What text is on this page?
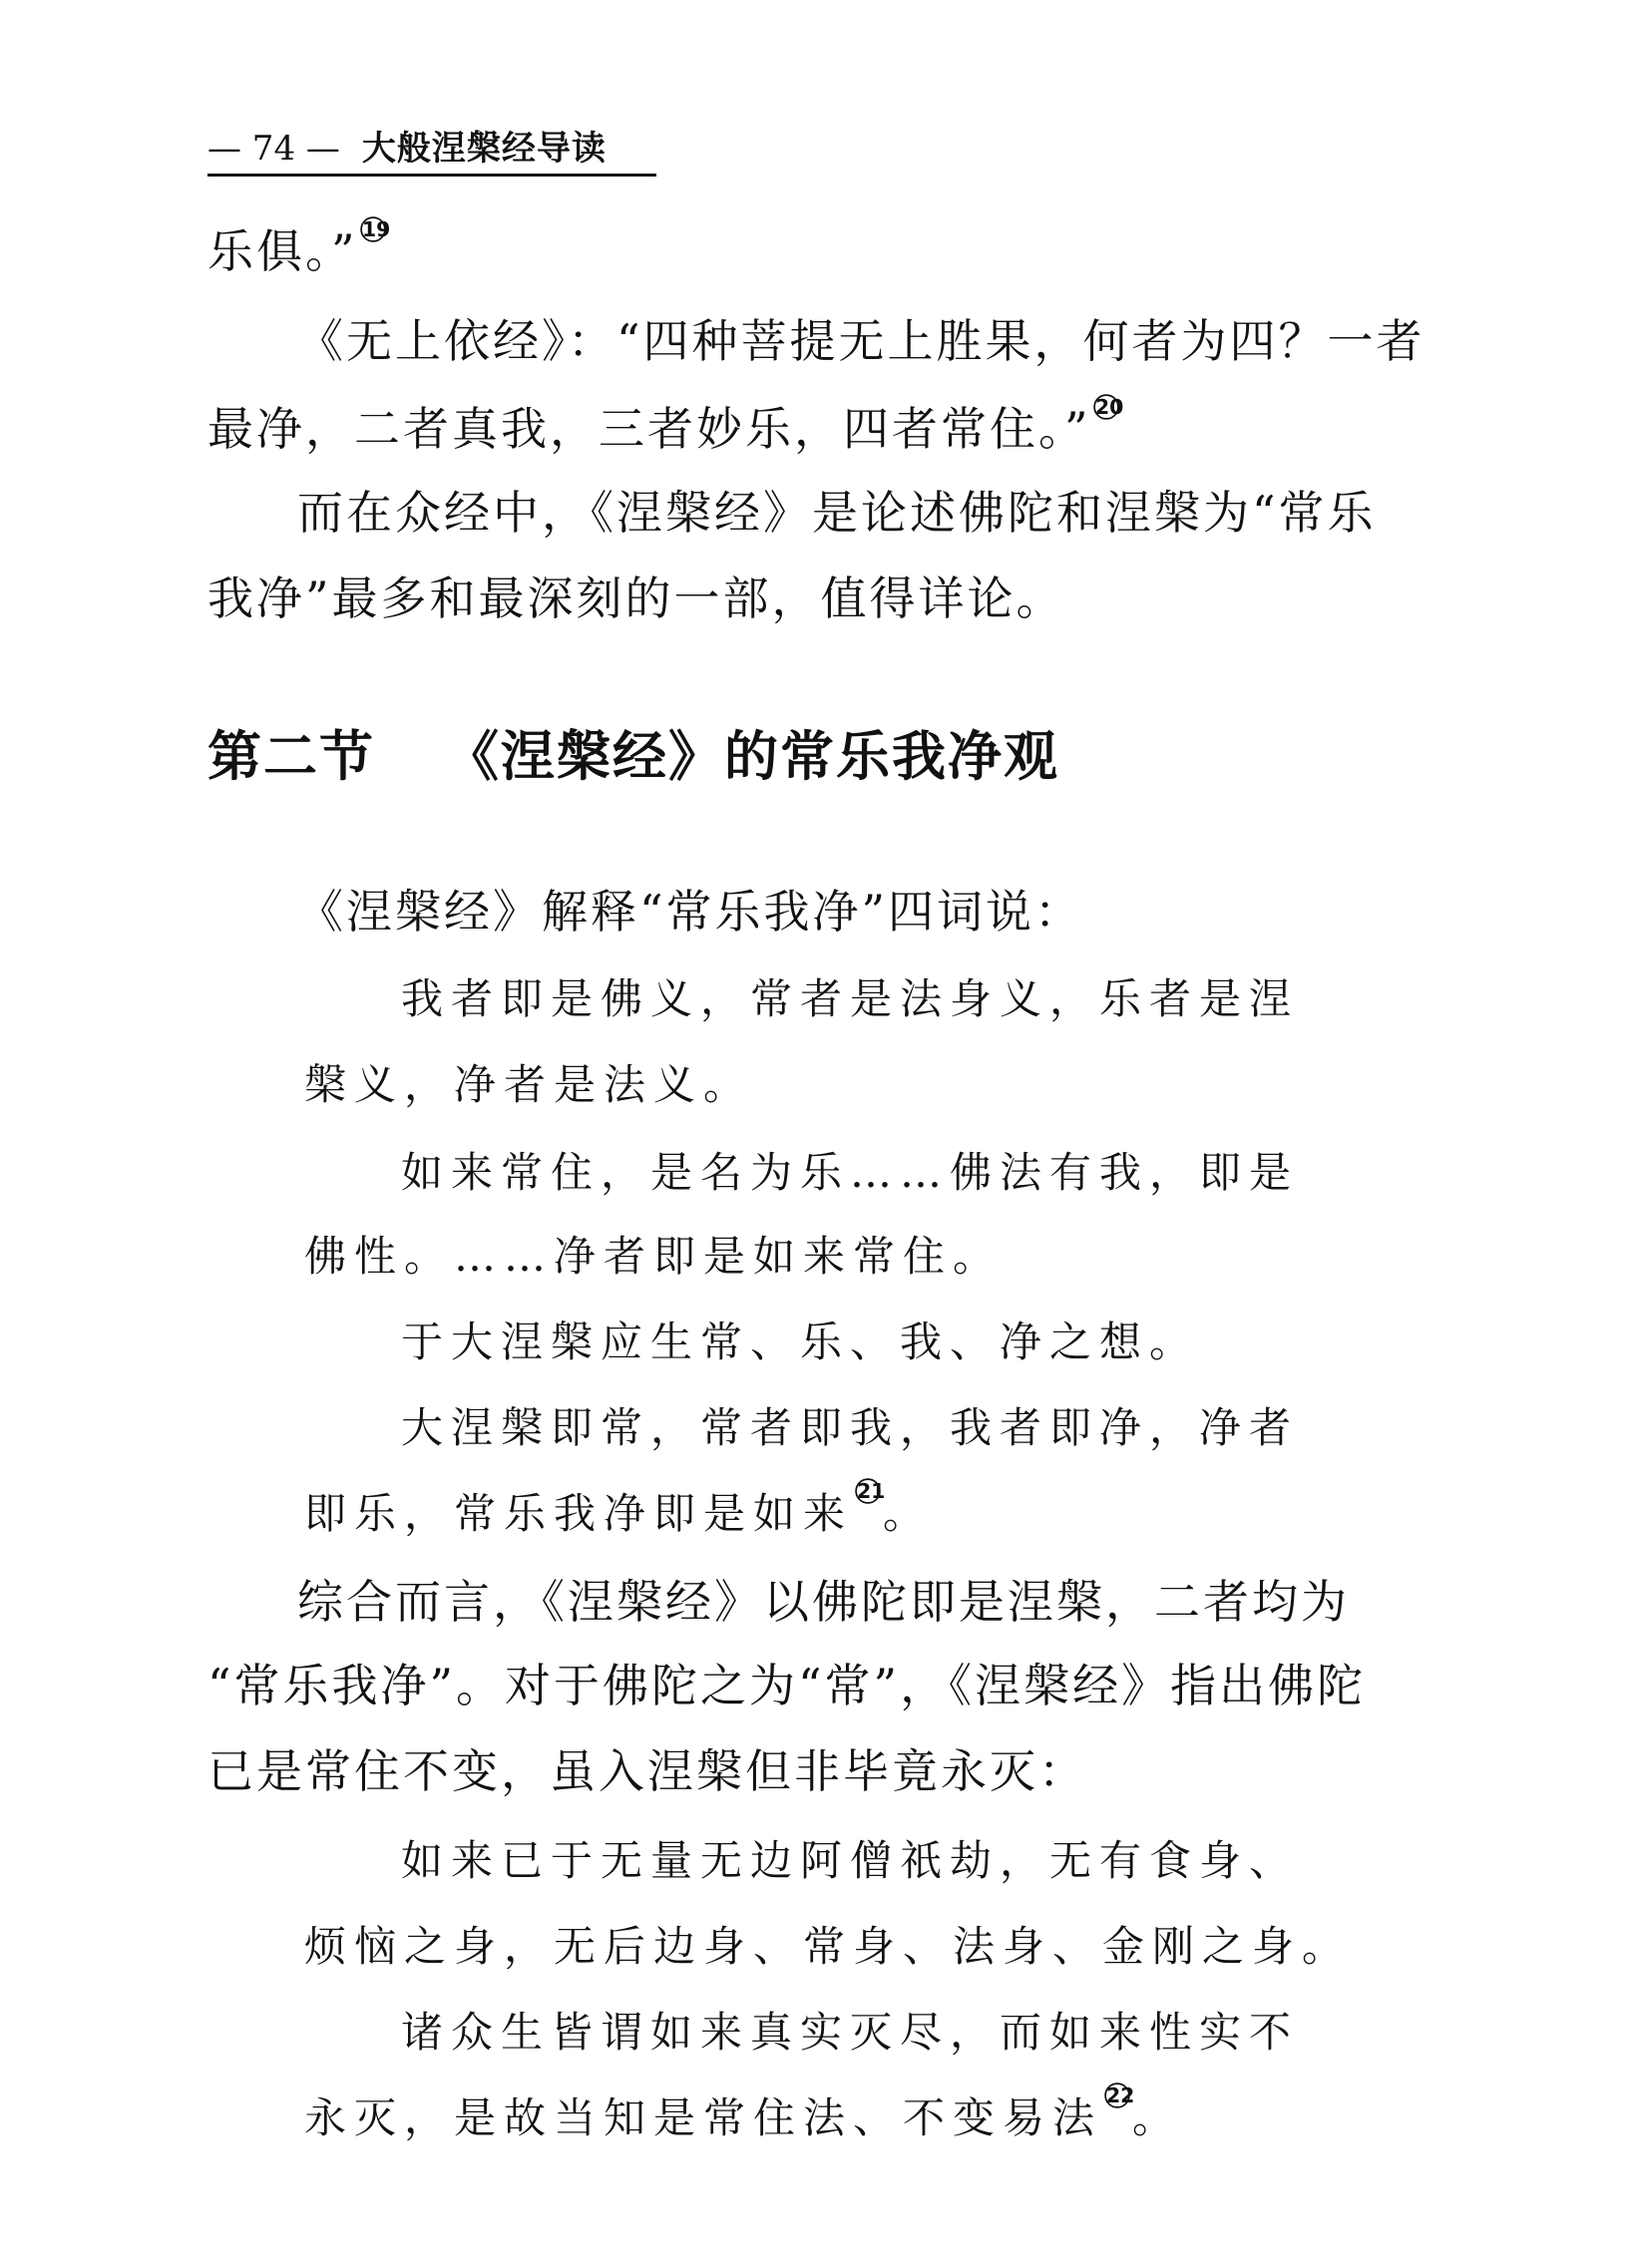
— 74 — 大般涅槃经导读
乐俱。” $^{19}$
《无上依经》：“四种菩提无上胜果，何者为四？一者
最净，二者真我，三者妙乐，四者常住。” $^{20}$
而在众经中，《涅槃经》是论述佛陀和涅槃为“常乐
我净”最多和最深刻的一部，值得详论。
第二节 《涅槃经》的常乐我净观
《涅槃经》解释“常乐我净”四词说：
我者即是佛义，常者是法身义，乐者是涅
槃义，净者是法义。
如来常住，是名为乐……佛法有我，即是
佛性。……净者即是如来常住。
于大涅槃应生常、乐、我、净之想。
大涅槃即常，常者即我，我者即净，净者
即乐，常乐我净即是如来 $^{21}$。
综合而言，《涅槃经》以佛陀即是涅槃，二者均为
“常乐我净”。对于佛陀之为“常”，《涅槃经》指出佛陀
已是常住不变，虽入涅槃但非毕竟永灭：
如来已于无量无边阿僧祇劫，无有食身、
烦恼之身，无后边身、常身、法身、金刚之身。
诸众生皆谓如来真实灭尽，而如来性实不
永灭，是故当知是常住法、不变易法 $^{22}$。
